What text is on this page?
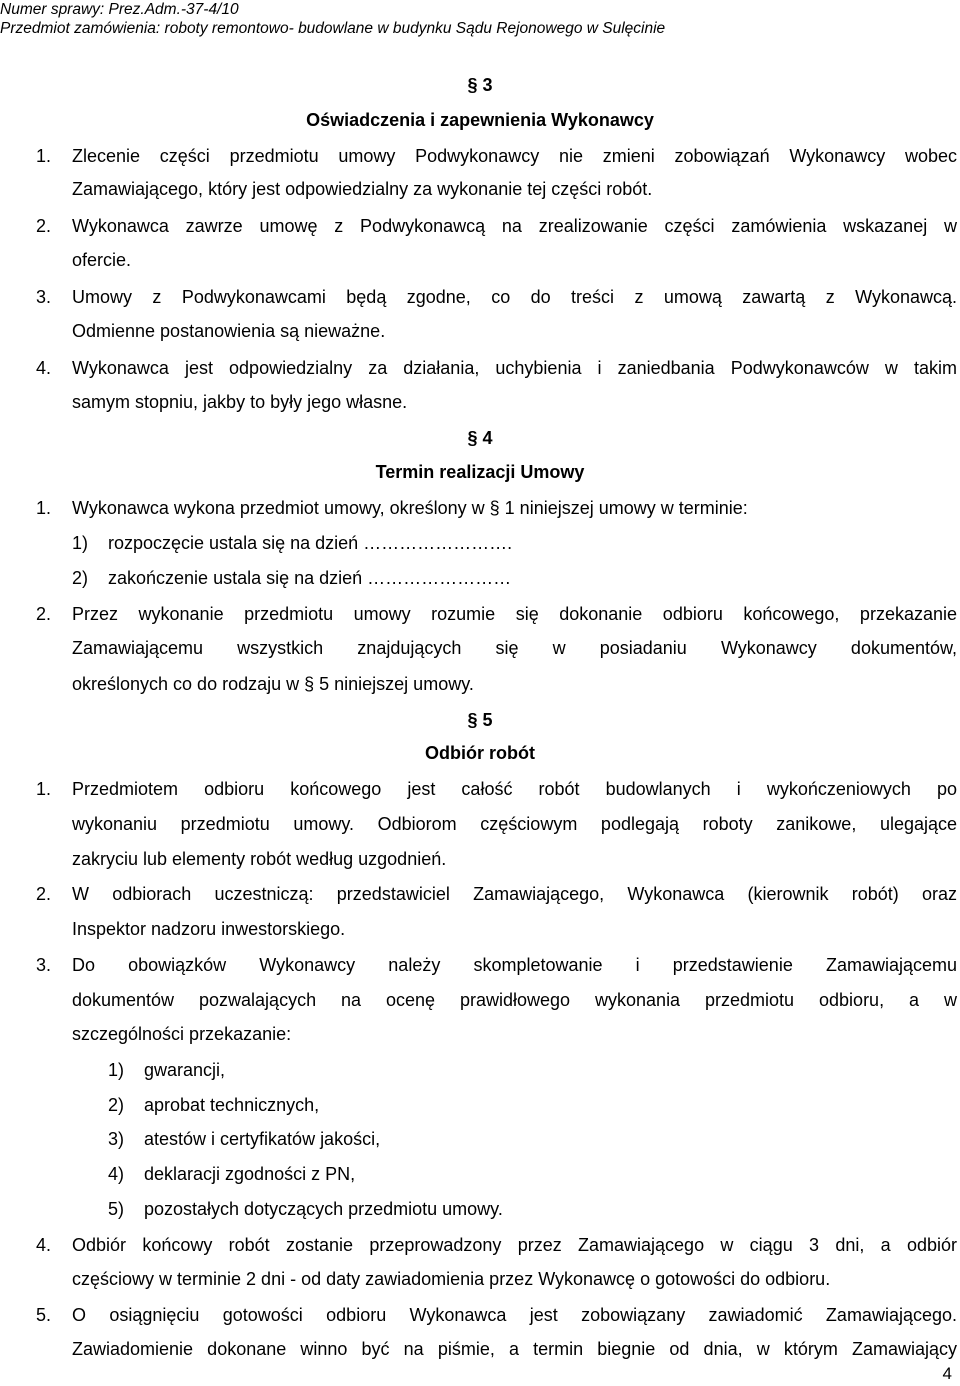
Numer sprawy: Prez.Adm.-37-4/10
Przedmiot zamówienia: roboty remontowo- budowlane w budynku Sądu Rejonowego w Sulęcinie
§ 3
Oświadczenia i zapewnienia Wykonawcy
1. Zlecenie części przedmiotu umowy Podwykonawcy nie zmieni zobowiązań Wykonawcy wobec
Zamawiającego, który jest odpowiedzialny za wykonanie tej części robót.
2. Wykonawca zawrze umowę z Podwykonawcą na zrealizowanie części zamówienia wskazanej w
ofercie.
3. Umowy z Podwykonawcami będą zgodne, co do treści z umową zawartą z Wykonawcą.
Odmienne postanowienia są nieważne.
4. Wykonawca jest odpowiedzialny za działania, uchybienia i zaniedbania Podwykonawców w takim
samym stopniu, jakby to były jego własne.
§ 4
Termin realizacji Umowy
1. Wykonawca wykona przedmiot umowy, określony w § 1 niniejszej umowy w terminie:
1) rozpoczęcie ustala się na dzień …………………….
2) zakończenie ustala się na dzień ……………………
2. Przez wykonanie przedmiotu umowy rozumie się dokonanie odbioru końcowego, przekazanie
Zamawiającemu wszystkich znajdujących się w posiadaniu Wykonawcy dokumentów,
określonych co do rodzaju w § 5 niniejszej umowy.
§ 5
Odbiór robót
1. Przedmiotem odbioru końcowego jest całość robót budowlanych i wykończeniowych po
wykonaniu przedmiotu umowy. Odbiorom częściowym podlegają roboty zanikowe, ulegające
zakryciu lub elementy robót według uzgodnień.
2. W odbiorach uczestniczą: przedstawiciel Zamawiającego, Wykonawca (kierownik robót) oraz
Inspektor nadzoru inwestorskiego.
3. Do obowiązków Wykonawcy należy skompletowanie i przedstawienie Zamawiającemu
dokumentów pozwalających na ocenę prawidłowego wykonania przedmiotu odbioru, a w
szczególności przekazanie:
1) gwarancji,
2) aprobat technicznych,
3) atestów i certyfikatów jakości,
4) deklaracji zgodności z PN,
5) pozostałych dotyczących przedmiotu umowy.
4. Odbiór końcowy robót zostanie przeprowadzony przez Zamawiającego w ciągu 3 dni, a odbiór
częściowy w terminie 2 dni - od daty zawiadomienia przez Wykonawcę o gotowości do odbioru.
5. O osiągnięciu gotowości odbioru Wykonawca jest zobowiązany zawiadomić Zamawiającego.
Zawiadomienie dokonane winno być na piśmie, a termin biegnie od dnia, w którym Zamawiający
4
